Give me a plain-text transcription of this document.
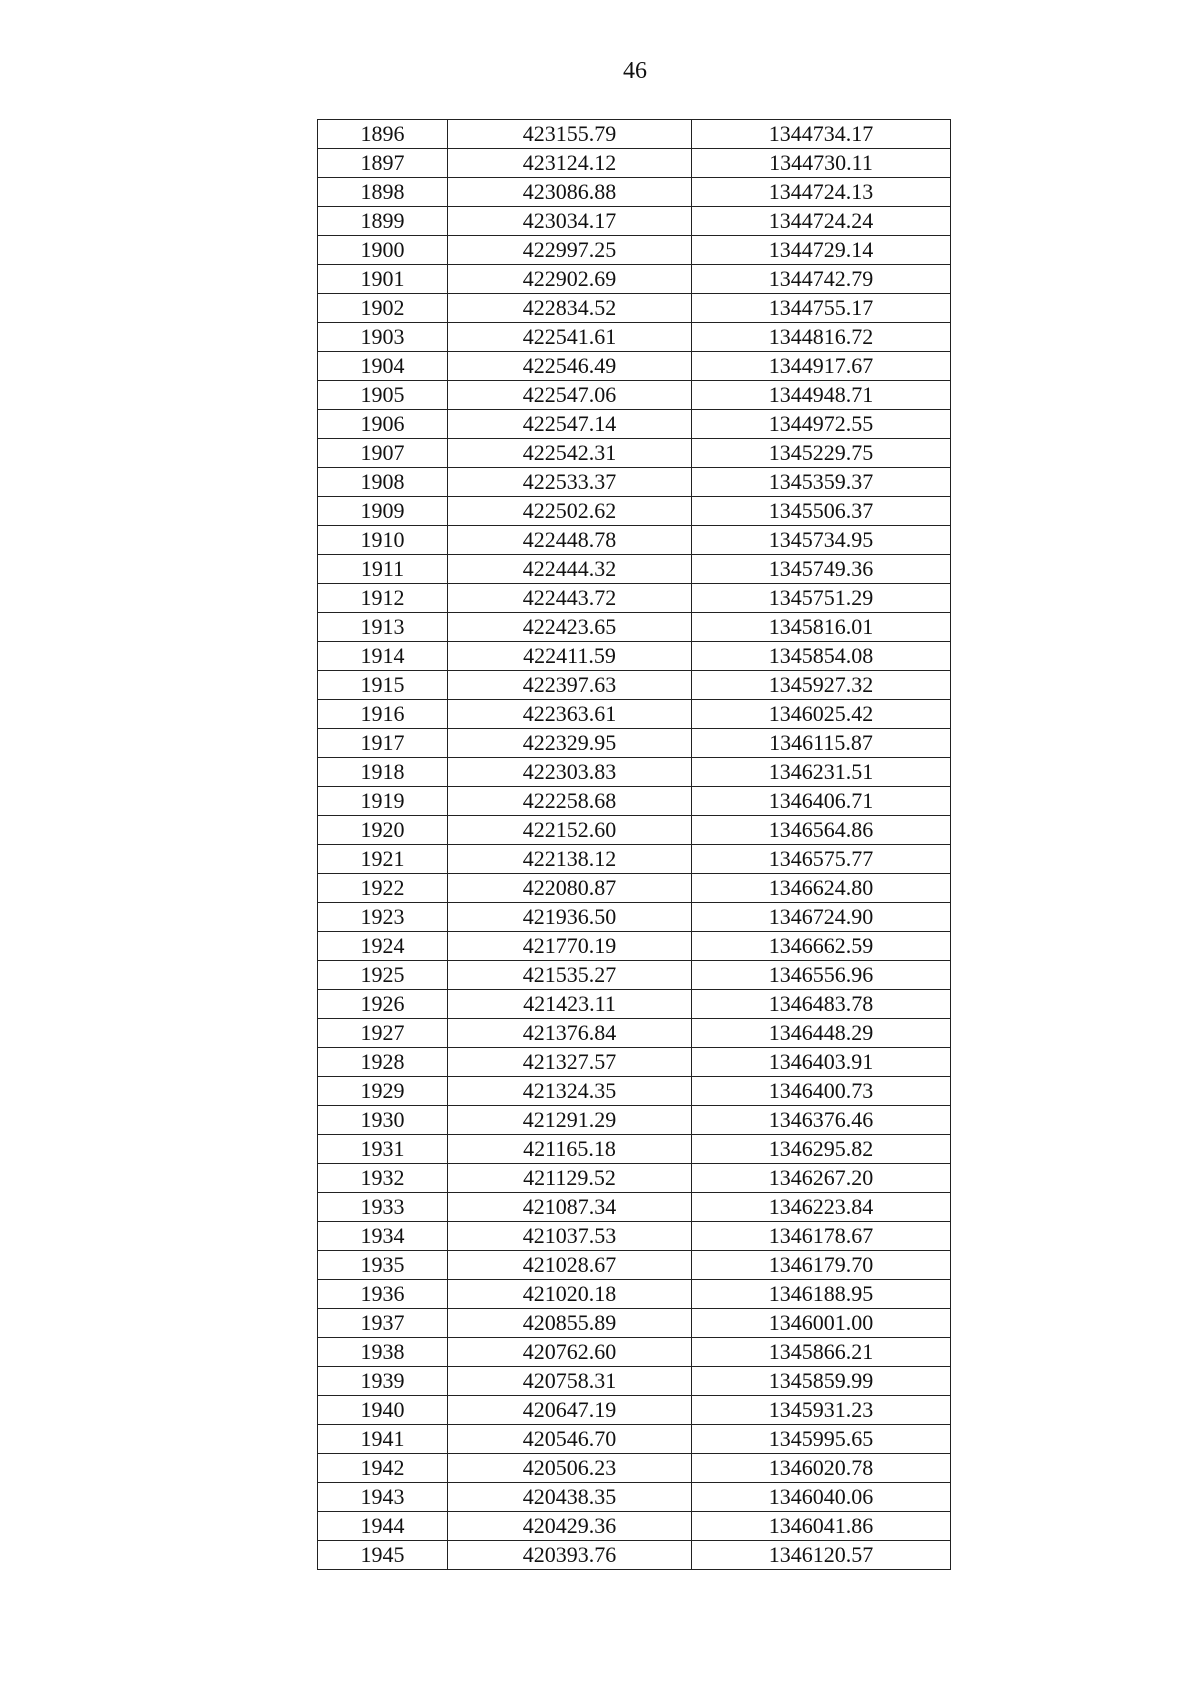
46
1896	423155.79	1344734.17
1897	423124.12	1344730.11
1898	423086.88	1344724.13
1899	423034.17	1344724.24
1900	422997.25	1344729.14
1901	422902.69	1344742.79
1902	422834.52	1344755.17
1903	422541.61	1344816.72
1904	422546.49	1344917.67
1905	422547.06	1344948.71
1906	422547.14	1344972.55
1907	422542.31	1345229.75
1908	422533.37	1345359.37
1909	422502.62	1345506.37
1910	422448.78	1345734.95
1911	422444.32	1345749.36
1912	422443.72	1345751.29
1913	422423.65	1345816.01
1914	422411.59	1345854.08
1915	422397.63	1345927.32
1916	422363.61	1346025.42
1917	422329.95	1346115.87
1918	422303.83	1346231.51
1919	422258.68	1346406.71
1920	422152.60	1346564.86
1921	422138.12	1346575.77
1922	422080.87	1346624.80
1923	421936.50	1346724.90
1924	421770.19	1346662.59
1925	421535.27	1346556.96
1926	421423.11	1346483.78
1927	421376.84	1346448.29
1928	421327.57	1346403.91
1929	421324.35	1346400.73
1930	421291.29	1346376.46
1931	421165.18	1346295.82
1932	421129.52	1346267.20
1933	421087.34	1346223.84
1934	421037.53	1346178.67
1935	421028.67	1346179.70
1936	421020.18	1346188.95
1937	420855.89	1346001.00
1938	420762.60	1345866.21
1939	420758.31	1345859.99
1940	420647.19	1345931.23
1941	420546.70	1345995.65
1942	420506.23	1346020.78
1943	420438.35	1346040.06
1944	420429.36	1346041.86
1945	420393.76	1346120.57
